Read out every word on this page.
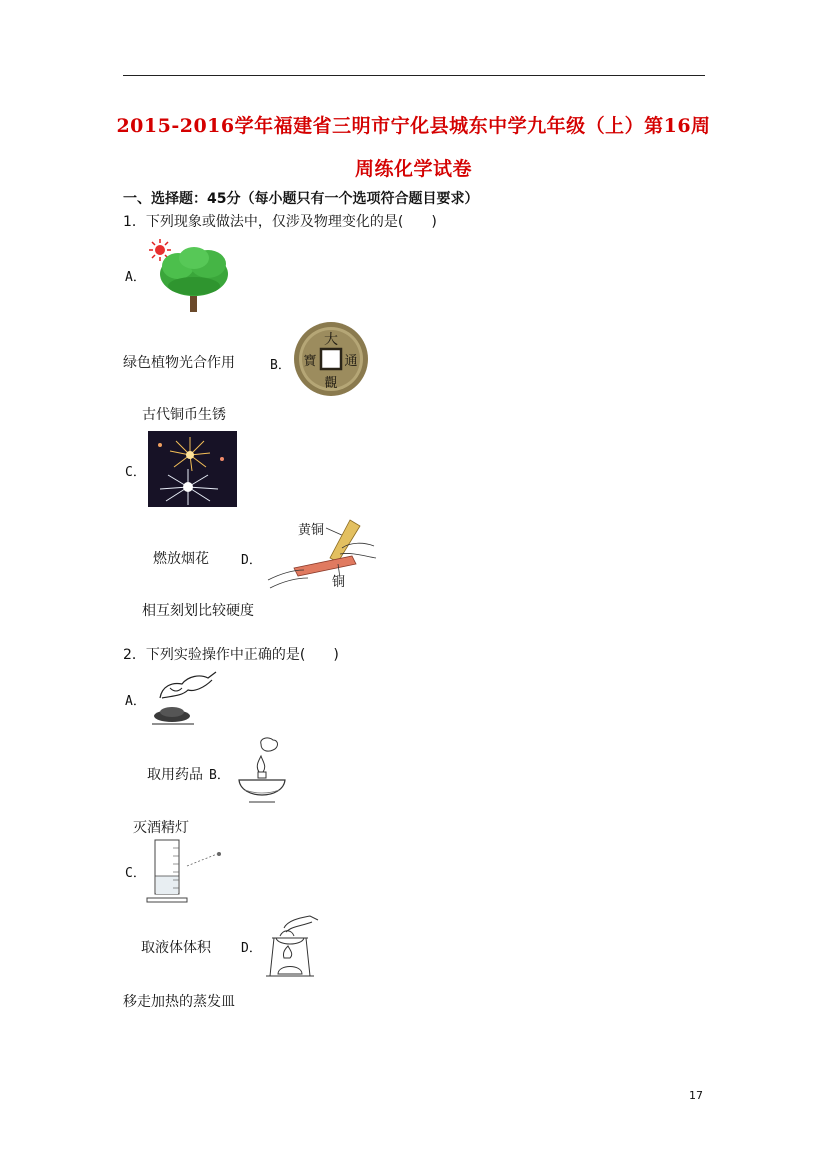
2015-2016学年福建省三明市宁化县城东中学九年级（上）第16周
周练化学试卷
一、选择题：45分（每小题只有一个选项符合题目要求）
1．下列现象或做法中，仅涉及物理变化的是(　　)
A．
绿色植物光合作用	B．
大
通
觀
寶
古代铜币生锈
C．
燃放烟花 D．
黄铜
铜
相互刻划比较硬度
2．下列实验操作中正确的是(　　)
A．
取用药品 B．
灭酒精灯
C．
取液体体积 D．
移走加热的蒸发皿
17
